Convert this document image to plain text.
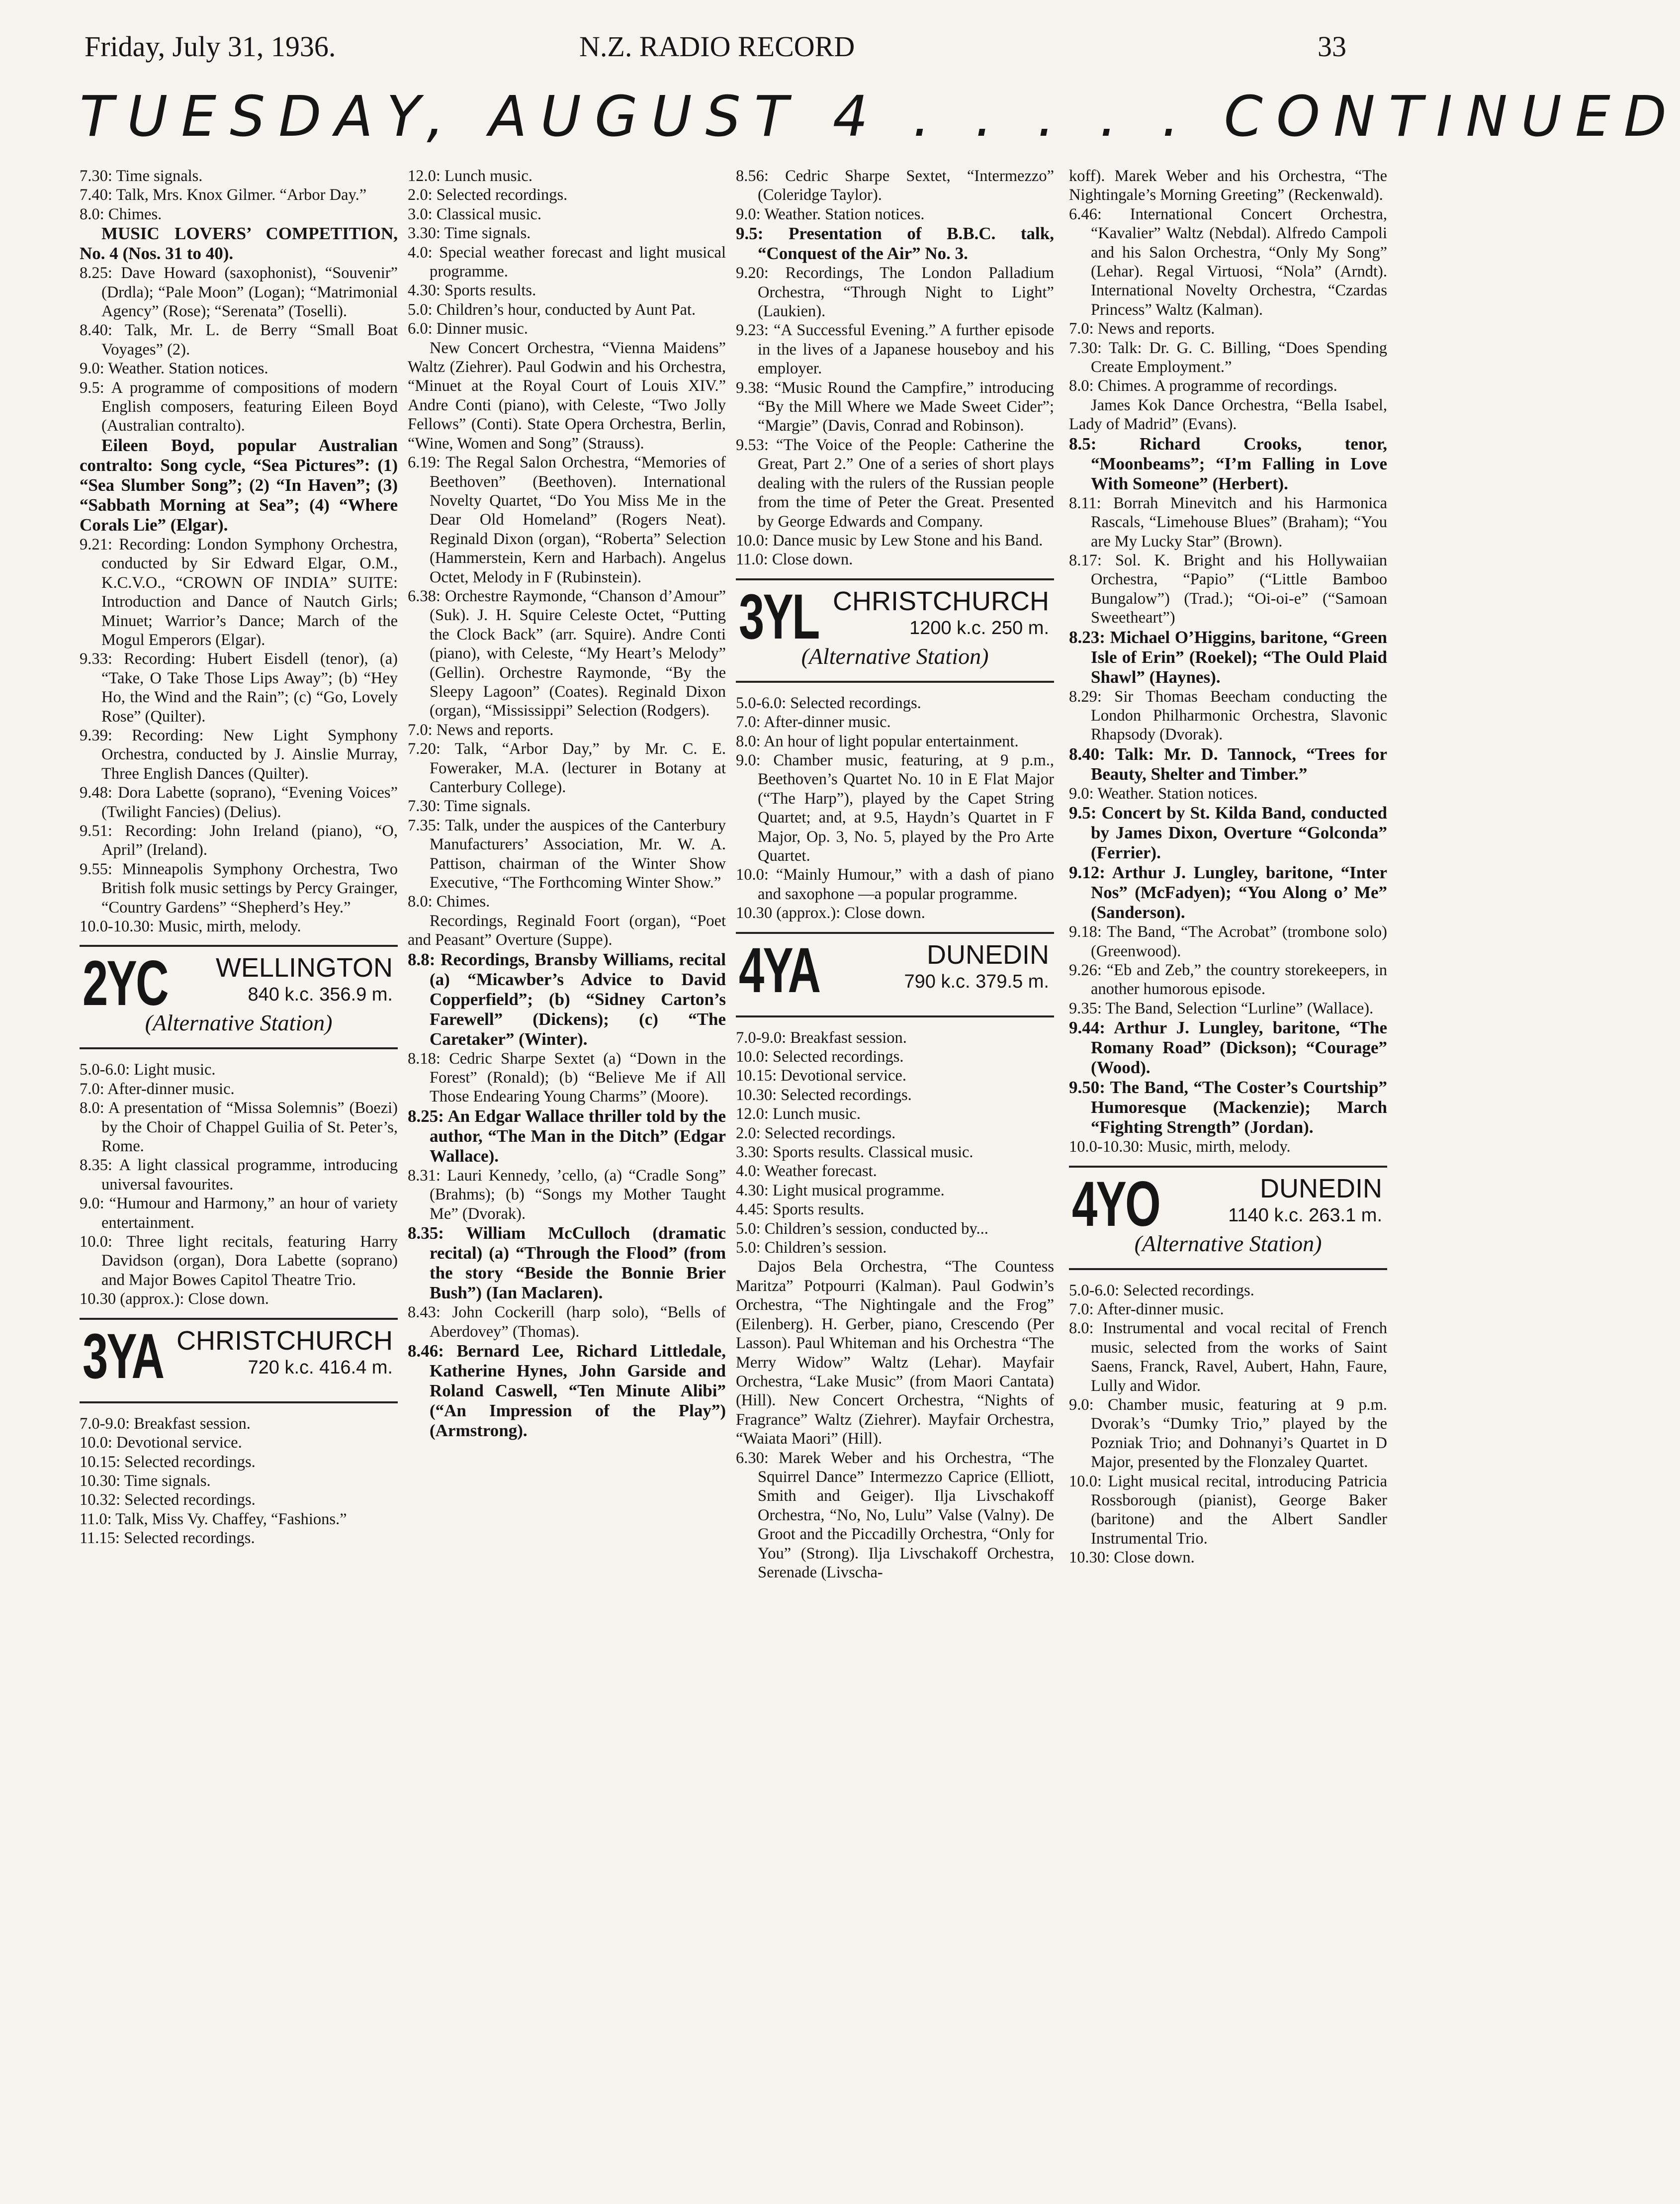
Friday, July 31, 1936.	N.Z. RADIO RECORD	33
TUESDAY, AUGUST 4 . . . . . CONTINUED

7.30: Time signals.

7.40: Talk, Mrs. Knox Gilmer. “Arbor Day.”

8.0: Chimes.

MUSIC LOVERS’ COMPETITION, No. 4 (Nos. 31 to 40).

8.25: Dave Howard (saxophonist), “Souvenir” (Drdla); “Pale Moon” (Logan); “Matrimonial Agency” (Rose); “Serenata” (Toselli).

8.40: Talk, Mr. L. de Berry “Small Boat Voyages” (2).

9.0: Weather. Station notices.

9.5: A programme of compositions of modern English composers, featuring Eileen Boyd (Australian contralto).

Eileen Boyd, popular Australian contralto: Song cycle, “Sea Pictures”: (1) “Sea Slumber Song”; (2) “In Haven”; (3) “Sabbath Morning at Sea”; (4) “Where Corals Lie” (Elgar).

9.21: Recording: London Symphony Orchestra, conducted by Sir Edward Elgar, O.M., K.C.V.O., “CROWN OF INDIA” SUITE: Introduction and Dance of Nautch Girls; Minuet; Warrior’s Dance; March of the Mogul Emperors (Elgar).

9.33: Recording: Hubert Eisdell (tenor), (a) “Take, O Take Those Lips Away”; (b) “Hey Ho, the Wind and the Rain”; (c) “Go, Lovely Rose” (Quilter).

9.39: Recording: New Light Symphony Orchestra, conducted by J. Ainslie Murray, Three English Dances (Quilter).

9.48: Dora Labette (soprano), “Evening Voices” (Twilight Fancies) (Delius).

9.51: Recording: John Ireland (piano), “O, April” (Ireland).

9.55: Minneapolis Symphony Orchestra, Two British folk music settings by Percy Grainger, “Country Gardens” “Shepherd’s Hey.”

10.0-10.30: Music, mirth, melody.

2YC WELLINGTON
840 k.c. 356.9 m.
(Alternative Station)

5.0-6.0: Light music.

7.0: After-dinner music.

8.0: A presentation of “Missa Solemnis” (Boezi) by the Choir of Chappel Guilia of St. Peter’s, Rome.

8.35: A light classical programme, introducing universal favourites.

9.0: “Humour and Harmony,” an hour of variety entertainment.

10.0: Three light recitals, featuring Harry Davidson (organ), Dora Labette (soprano) and Major Bowes Capitol Theatre Trio.

10.30 (approx.): Close down.

3YA CHRISTCHURCH
720 k.c. 416.4 m.

7.0-9.0: Breakfast session.

10.0: Devotional service.

10.15: Selected recordings.

10.30: Time signals.

10.32: Selected recordings.

11.0: Talk, Miss Vy. Chaffey, “Fashions.”

11.15: Selected recordings.

12.0: Lunch music.

2.0: Selected recordings.

3.0: Classical music.

3.30: Time signals.

4.0: Special weather forecast and light musical programme.

4.30: Sports results.

5.0: Children’s hour, conducted by Aunt Pat.

6.0: Dinner music.

New Concert Orchestra, “Vienna Maidens” Waltz (Ziehrer). Paul Godwin and his Orchestra, “Minuet at the Royal Court of Louis XIV.” Andre Conti (piano), with Celeste, “Two Jolly Fellows” (Conti). State Opera Orchestra, Berlin, “Wine, Women and Song” (Strauss).

6.19: The Regal Salon Orchestra, “Memories of Beethoven” (Beethoven). International Novelty Quartet, “Do You Miss Me in the Dear Old Homeland” (Rogers Neat). Reginald Dixon (organ), “Roberta” Selection (Hammerstein, Kern and Harbach). Angelus Octet, Melody in F (Rubinstein).

6.38: Orchestre Raymonde, “Chanson d’Amour” (Suk). J. H. Squire Celeste Octet, “Putting the Clock Back” (arr. Squire). Andre Conti (piano), with Celeste, “My Heart’s Melody” (Gellin). Orchestre Raymonde, “By the Sleepy Lagoon” (Coates). Reginald Dixon (organ), “Mississippi” Selection (Rodgers).

7.0: News and reports.

7.20: Talk, “Arbor Day,” by Mr. C. E. Foweraker, M.A. (lecturer in Botany at Canterbury College).

7.30: Time signals.

7.35: Talk, under the auspices of the Canterbury Manufacturers’ Association, Mr. W. A. Pattison, chairman of the Winter Show Executive, “The Forthcoming Winter Show.”

8.0: Chimes.

Recordings, Reginald Foort (organ), “Poet and Peasant” Overture (Suppe).

8.8: Recordings, Bransby Williams, recital (a) “Micawber’s Advice to David Copperfield”; (b) “Sidney Carton’s Farewell” (Dickens); (c) “The Caretaker” (Winter).

8.18: Cedric Sharpe Sextet (a) “Down in the Forest” (Ronald); (b) “Believe Me if All Those Endearing Young Charms” (Moore).

8.25: An Edgar Wallace thriller told by the author, “The Man in the Ditch” (Edgar Wallace).

8.31: Lauri Kennedy, ’cello, (a) “Cradle Song” (Brahms); (b) “Songs my Mother Taught Me” (Dvorak).

8.35: William McCulloch (dramatic recital) (a) “Through the Flood” (from the story “Beside the Bonnie Brier Bush”) (Ian Maclaren).

8.43: John Cockerill (harp solo), “Bells of Aberdovey” (Thomas).

8.46: Bernard Lee, Richard Littledale, Katherine Hynes, John Garside and Roland Caswell, “Ten Minute Alibi” (“An Impression of the Play”) (Armstrong).

8.56: Cedric Sharpe Sextet, “Intermezzo” (Coleridge Taylor).

9.0: Weather. Station notices.

9.5: Presentation of B.B.C. talk, “Conquest of the Air” No. 3.

9.20: Recordings, The London Palladium Orchestra, “Through Night to Light” (Laukien).

9.23: “A Successful Evening.” A further episode in the lives of a Japanese houseboy and his employer.

9.38: “Music Round the Campfire,” introducing “By the Mill Where we Made Sweet Cider”; “Margie” (Davis, Conrad and Robinson).

9.53: “The Voice of the People: Catherine the Great, Part 2.” One of a series of short plays dealing with the rulers of the Russian people from the time of Peter the Great. Presented by George Edwards and Company.

10.0: Dance music by Lew Stone and his Band.

11.0: Close down.

3YL CHRISTCHURCH
1200 k.c. 250 m.
(Alternative Station)

5.0-6.0: Selected recordings.

7.0: After-dinner music.

8.0: An hour of light popular entertainment.

9.0: Chamber music, featuring, at 9 p.m., Beethoven’s Quartet No. 10 in E Flat Major (“The Harp”), played by the Capet String Quartet; and, at 9.5, Haydn’s Quartet in F Major, Op. 3, No. 5, played by the Pro Arte Quartet.

10.0: “Mainly Humour,” with a dash of piano and saxophone —a popular programme.

10.30 (approx.): Close down.

4YA	DUNEDIN
790 k.c. 379.5 m.

7.0-9.0: Breakfast session.

10.0: Selected recordings.

10.15: Devotional service.

10.30: Selected recordings.

12.0: Lunch music.

2.0: Selected recordings.

3.30: Sports results. Classical music.

4.0: Weather forecast.

4.30: Light musical programme.

4.45: Sports results.

5.0: Children’s session, conducted by...

5.0: Children’s session.

Dajos Bela Orchestra, “The Countess Maritza” Potpourri (Kalman). Paul Godwin’s Orchestra, “The Nightingale and the Frog” (Eilenberg). H. Gerber, piano, Crescendo (Per Lasson). Paul Whiteman and his Orchestra “The Merry Widow” Waltz (Lehar). Mayfair Orchestra, “Lake Music” (from Maori Cantata) (Hill). New Concert Orchestra, “Nights of Fragrance” Waltz (Ziehrer). Mayfair Orchestra, “Waiata Maori” (Hill).

6.30: Marek Weber and his Orchestra, “The Squirrel Dance” Intermezzo Caprice (Elliott, Smith and Geiger). Ilja Livschakoff Orchestra, “No, No, Lulu” Valse (Valny). De Groot and the Piccadilly Orchestra, “Only for You” (Strong). Ilja Livschakoff Orchestra, Serenade (Livscha-

koff). Marek Weber and his Orchestra, “The Nightingale’s Morning Greeting” (Reckenwald).

6.46: International Concert Orchestra, “Kavalier” Waltz (Nebdal). Alfredo Campoli and his Salon Orchestra, “Only My Song” (Lehar). Regal Virtuosi, “Nola” (Arndt). International Novelty Orchestra, “Czardas Princess” Waltz (Kalman).

7.0: News and reports.

7.30: Talk: Dr. G. C. Billing, “Does Spending Create Employment.”

8.0: Chimes. A programme of recordings.

James Kok Dance Orchestra, “Bella Isabel, Lady of Madrid” (Evans).

8.5: Richard Crooks, tenor, “Moonbeams”; “I’m Falling in Love With Someone” (Herbert).

8.11: Borrah Minevitch and his Harmonica Rascals, “Limehouse Blues” (Braham); “You are My Lucky Star” (Brown).

8.17: Sol. K. Bright and his Hollywaiian Orchestra, “Papio” (“Little Bamboo Bungalow”) (Trad.); “Oi-oi-e” (“Samoan Sweetheart”)

8.23: Michael O’Higgins, baritone, “Green Isle of Erin” (Roekel); “The Ould Plaid Shawl” (Haynes).

8.29: Sir Thomas Beecham conducting the London Philharmonic Orchestra, Slavonic Rhapsody (Dvorak).

8.40: Talk: Mr. D. Tannock, “Trees for Beauty, Shelter and Timber.”

9.0: Weather. Station notices.

9.5: Concert by St. Kilda Band, conducted by James Dixon, Overture “Golconda” (Ferrier).

9.12: Arthur J. Lungley, baritone, “Inter Nos” (McFadyen); “You Along o’ Me” (Sanderson).

9.18: The Band, “The Acrobat” (trombone solo) (Greenwood).

9.26: “Eb and Zeb,” the country storekeepers, in another humorous episode.

9.35: The Band, Selection “Lurline” (Wallace).

9.44: Arthur J. Lungley, baritone, “The Romany Road” (Dickson); “Courage” (Wood).

9.50: The Band, “The Coster’s Courtship” Humoresque (Mackenzie); March “Fighting Strength” (Jordan).

10.0-10.30: Music, mirth, melody.

4YO	DUNEDIN
1140 k.c. 263.1 m.
(Alternative Station)

5.0-6.0: Selected recordings.

7.0: After-dinner music.

8.0: Instrumental and vocal recital of French music, selected from the works of Saint Saens, Franck, Ravel, Aubert, Hahn, Faure, Lully and Widor.

9.0: Chamber music, featuring at 9 p.m. Dvorak’s “Dumky Trio,” played by the Pozniak Trio; and Dohnanyi’s Quartet in D Major, presented by the Flonzaley Quartet.

10.0: Light musical recital, introducing Patricia Rossborough (pianist), George Baker (baritone) and the Albert Sandler Instrumental Trio.

10.30: Close down.
